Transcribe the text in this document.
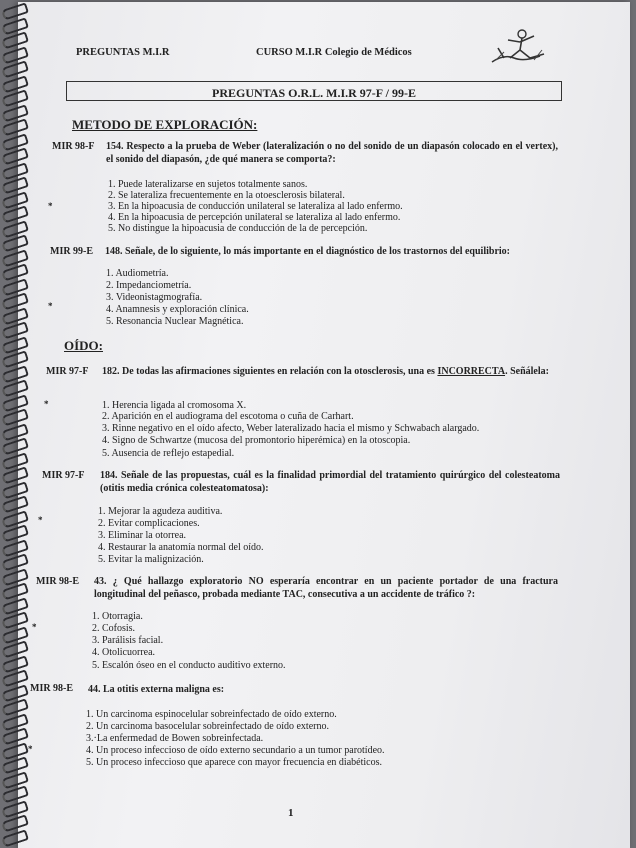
PREGUNTAS M.I.R	CURSO M.I.R Colegio de Médicos
PREGUNTAS O.R.L. M.I.R 97-F / 99-E
METODO DE EXPLORACIÓN:
MIR 98-F 154. Respecto a la prueba de Weber (lateralización o no del sonido de un diapasón colocado en el vertex), el sonido del diapasón, ¿de qué manera se comporta?:
1. Puede lateralizarse en sujetos totalmente sanos.
2. Se lateraliza frecuentemente en la otoesclerosis bilateral.
*	3. En la hipoacusia de conducción unilateral se lateraliza al lado enfermo.
4. En la hipoacusia de percepción unilateral se lateraliza al lado enfermo.
5. No distingue la hipoacusia de conducción de la de percepción.
MIR 99-E 148. Señale, de lo siguiente, lo más importante en el diagnóstico de los trastornos del equilibrio:
1. Audiometría.
2. Impedanciometría.
3. Videonistagmografía.
*	4. Anamnesis y exploración clínica.
5. Resonancia Nuclear Magnética.
OÍDO:
MIR 97-F 182. De todas las afirmaciones siguientes en relación con la otosclerosis, una es INCORRECTA. Señálela:
*	1. Herencia ligada al cromosoma X.
2. Aparición en el audiograma del escotoma o cuña de Carhart.
3. Rinne negativo en el oído afecto, Weber lateralizado hacia el mismo y Schwabach alargado.
4. Signo de Schwartze (mucosa del promontorio hiperémica) en la otoscopia.
5. Ausencia de reflejo estapedial.
MIR 97-F 184. Señale de las propuestas, cuál es la finalidad primordial del tratamiento quirúrgico del colesteatoma (otitis media crónica colesteatomatosa):
1. Mejorar la agudeza auditiva.
*	2. Evitar complicaciones.
3. Eliminar la otorrea.
4. Restaurar la anatomía normal del oído.
5. Evitar la malignización.
MIR 98-E 43. ¿ Qué hallazgo exploratorio NO esperaría encontrar en un paciente portador de una fractura longitudinal del peñasco, probada mediante TAC, consecutiva a un accidente de tráfico ?:
1. Otorragia.
*	2. Cofosis.
3. Parálisis facial.
4. Otolicuorrea.
5. Escalón óseo en el conducto auditivo externo.
MIR 98-E 44. La otitis externa maligna es:
1. Un carcinoma espinocelular sobreinfectado de oído externo.
2. Un carcinoma basocelular sobreinfectado de oído externo.
3.·La enfermedad de Bowen sobreinfectada.
*	4. Un proceso infeccioso de oído externo secundario a un tumor parotídeo.
5. Un proceso infeccioso que aparece con mayor frecuencia en diabéticos.
1
